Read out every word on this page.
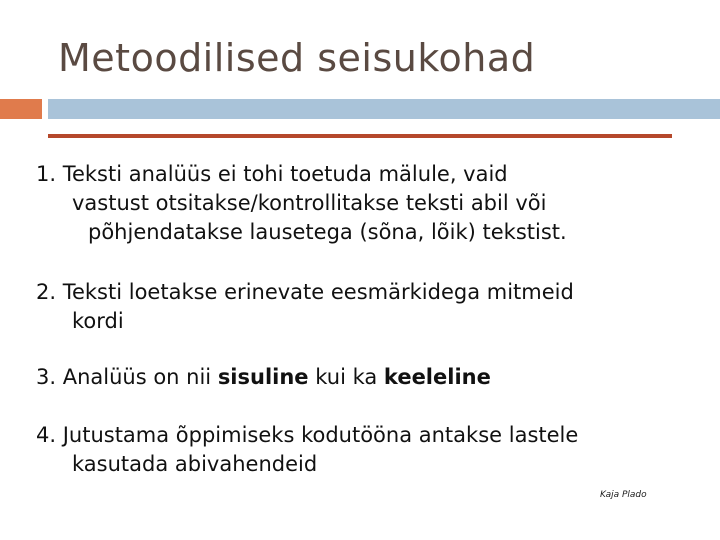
Metoodilised seisukohad
1. Teksti analüüs ei tohi toetuda mälule, vaid
vastust otsitakse/kontrollitakse teksti abil või
põhjendatakse lausetega (sõna, lõik) tekstist.
2. Teksti loetakse erinevate eesmärkidega mitmeid
kordi
3. Analüüs on nii sisuline kui ka keeleline
4. Jutustama õppimiseks kodutööna antakse lastele
kasutada abivahendeid
Kaja Plado
